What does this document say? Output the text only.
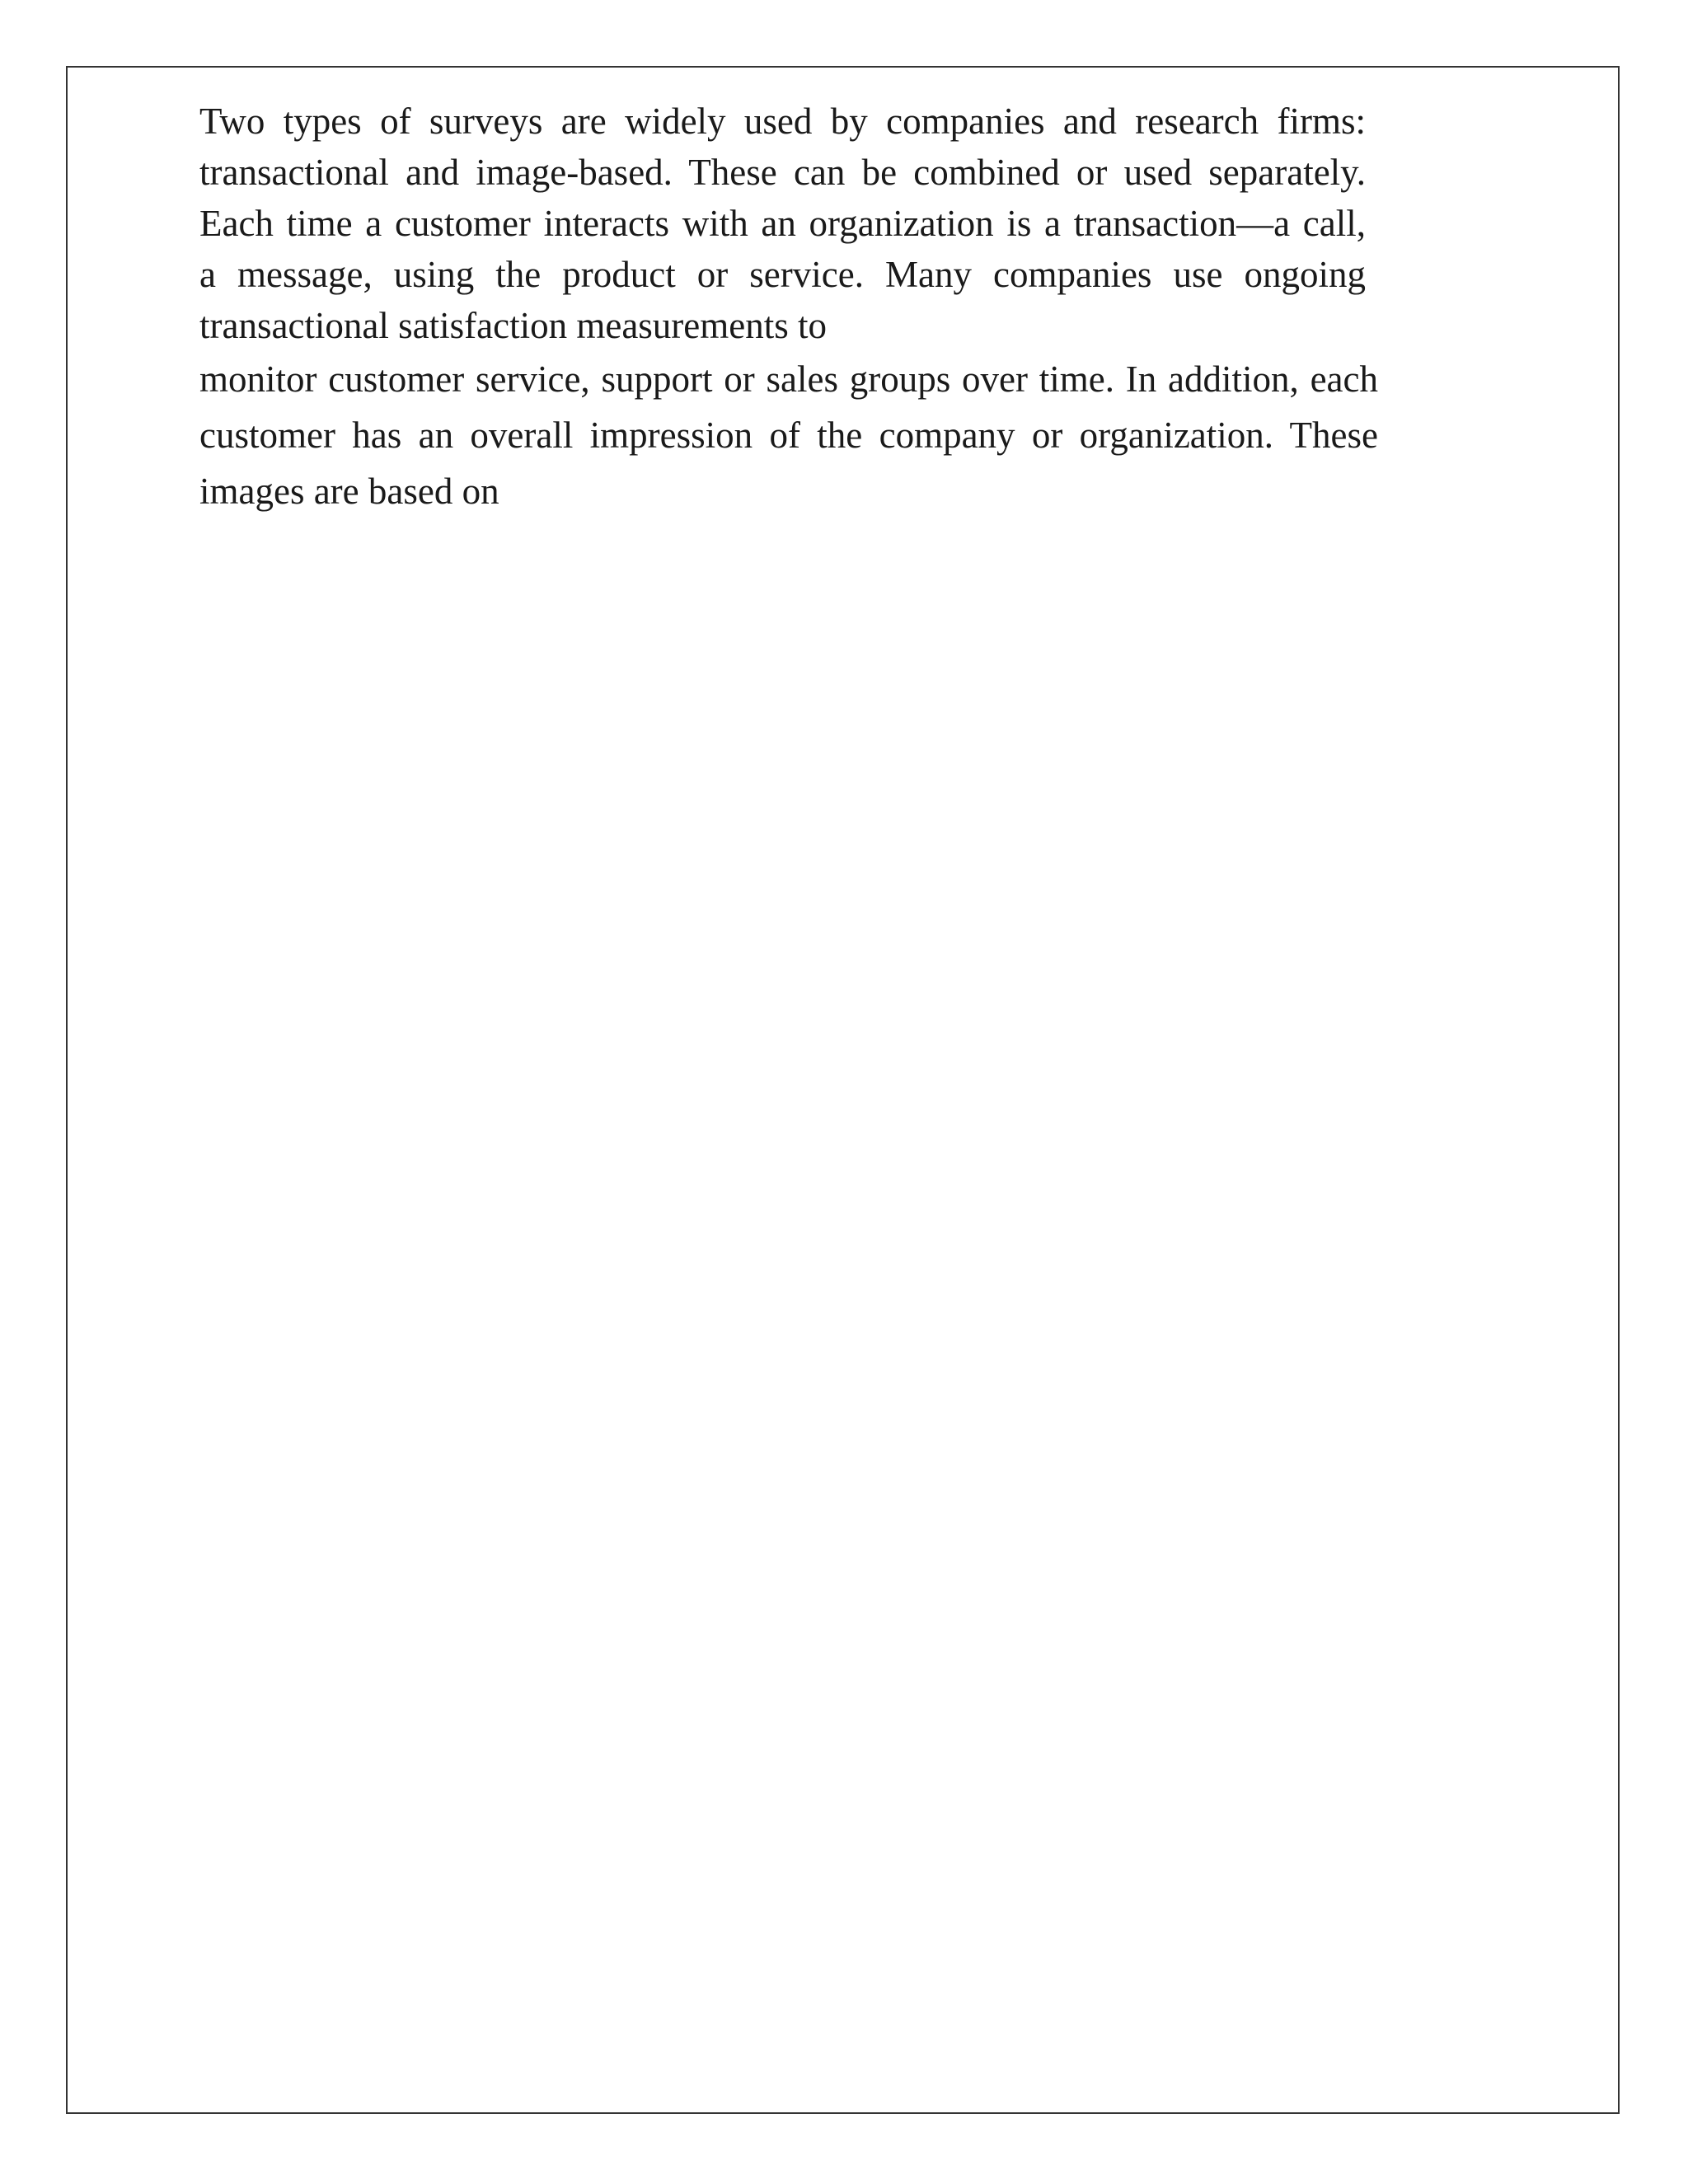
Two types of surveys are widely used by companies and research firms:
transactional and image-based. These can be combined or used separately.
Each time a customer interacts with an organization is a transaction—a call,
a message, using the product or service. Many companies use ongoing
transactional satisfaction measurements to
monitor customer service, support or sales groups over time. In addition, each
customer has an overall impression of the company or organization. These
images are based on
